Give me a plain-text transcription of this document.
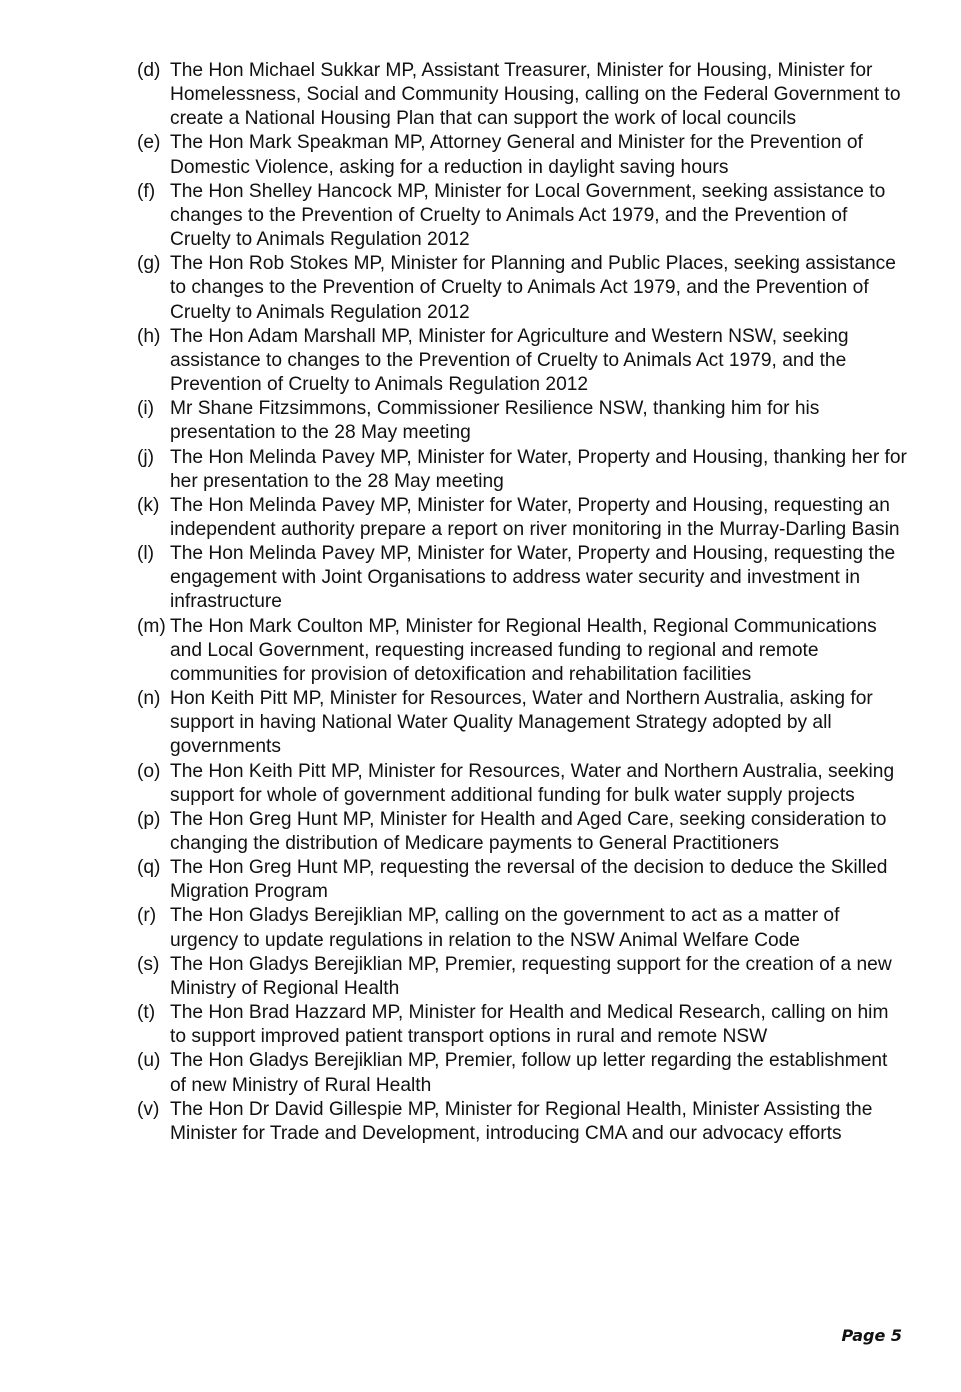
(d) The Hon Michael Sukkar MP, Assistant Treasurer, Minister for Housing, Minister for Homelessness, Social and Community Housing, calling on the Federal Government to create a National Housing Plan that can support the work of local councils
(e) The Hon Mark Speakman MP, Attorney General and Minister for the Prevention of Domestic Violence, asking for a reduction in daylight saving hours
(f) The Hon Shelley Hancock MP, Minister for Local Government, seeking assistance to changes to the Prevention of Cruelty to Animals Act 1979, and the Prevention of Cruelty to Animals Regulation 2012
(g) The Hon Rob Stokes MP, Minister for Planning and Public Places, seeking assistance to changes to the Prevention of Cruelty to Animals Act 1979, and the Prevention of Cruelty to Animals Regulation 2012
(h) The Hon Adam Marshall MP, Minister for Agriculture and Western NSW, seeking assistance to changes to the Prevention of Cruelty to Animals Act 1979, and the Prevention of Cruelty to Animals Regulation 2012
(i) Mr Shane Fitzsimmons, Commissioner Resilience NSW, thanking him for his presentation to the 28 May meeting
(j) The Hon Melinda Pavey MP, Minister for Water, Property and Housing, thanking her for her presentation to the 28 May meeting
(k) The Hon Melinda Pavey MP, Minister for Water, Property and Housing, requesting an independent authority prepare a report on river monitoring in the Murray-Darling Basin
(l) The Hon Melinda Pavey MP, Minister for Water, Property and Housing, requesting the engagement with Joint Organisations to address water security and investment in infrastructure
(m) The Hon Mark Coulton MP, Minister for Regional Health, Regional Communications and Local Government, requesting increased funding to regional and remote communities for provision of detoxification and rehabilitation facilities
(n) Hon Keith Pitt MP, Minister for Resources, Water and Northern Australia, asking for support in having National Water Quality Management Strategy adopted by all governments
(o) The Hon Keith Pitt MP, Minister for Resources, Water and Northern Australia, seeking support for whole of government additional funding for bulk water supply projects
(p) The Hon Greg Hunt MP, Minister for Health and Aged Care, seeking consideration to changing the distribution of Medicare payments to General Practitioners
(q) The Hon Greg Hunt MP, requesting the reversal of the decision to deduce the Skilled Migration Program
(r) The Hon Gladys Berejiklian MP, calling on the government to act as a matter of urgency to update regulations in relation to the NSW Animal Welfare Code
(s) The Hon Gladys Berejiklian MP, Premier, requesting support for the creation of a new Ministry of Regional Health
(t) The Hon Brad Hazzard MP, Minister for Health and Medical Research, calling on him to support improved patient transport options in rural and remote NSW
(u) The Hon Gladys Berejiklian MP, Premier, follow up letter regarding the establishment of new Ministry of Rural Health
(v) The Hon Dr David Gillespie MP, Minister for Regional Health, Minister Assisting the Minister for Trade and Development, introducing CMA and our advocacy efforts
Page 5
